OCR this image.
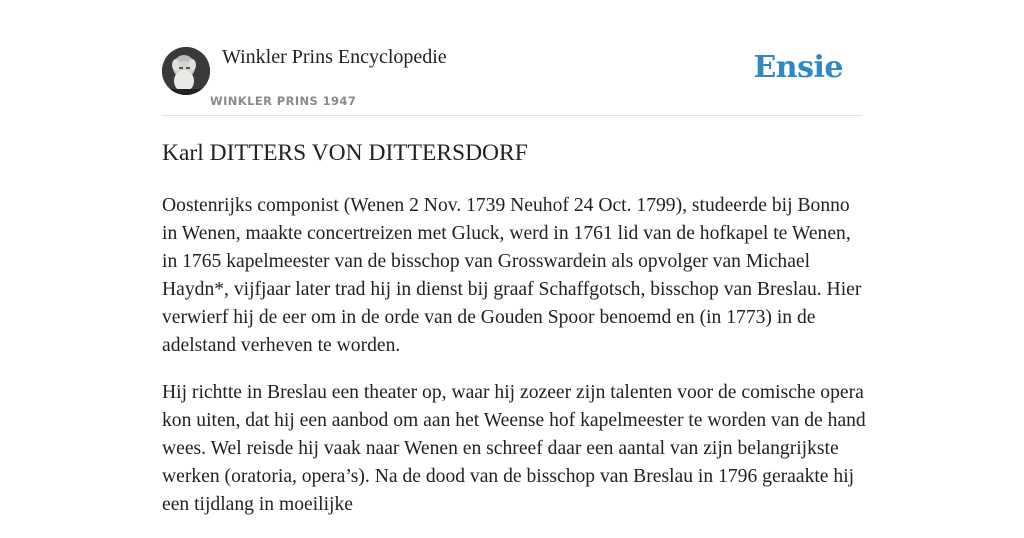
Winkler Prins Encyclopedie
WINKLER PRINS 1947
Ensie
Karl DITTERS VON DITTERSDORF

Oostenrijks componist (Wenen 2 Nov. 1739 Neuhof 24 Oct. 1799), studeerde bij Bonno in Wenen, maakte concertreizen met Gluck, werd in 1761 lid van de hofkapel te Wenen, in 1765 kapelmeester van de bisschop van Grosswardein als opvolger van Michael Haydn*, vijfjaar later trad hij in dienst bij graaf Schaffgotsch, bisschop van Breslau. Hier verwierf hij de eer om in de orde van de Gouden Spoor benoemd en (in 1773) in de adelstand verheven te worden.

Hij richtte in Breslau een theater op, waar hij zozeer zijn talenten voor de comische opera kon uiten, dat hij een aanbod om aan het Weense hof kapelmeester te worden van de hand wees. Wel reisde hij vaak naar Wenen en schreef daar een aantal van zijn belangrijkste werken (oratoria, opera’s). Na de dood van de bisschop van Breslau in 1796 geraakte hij een tijdlang in moeilijke
